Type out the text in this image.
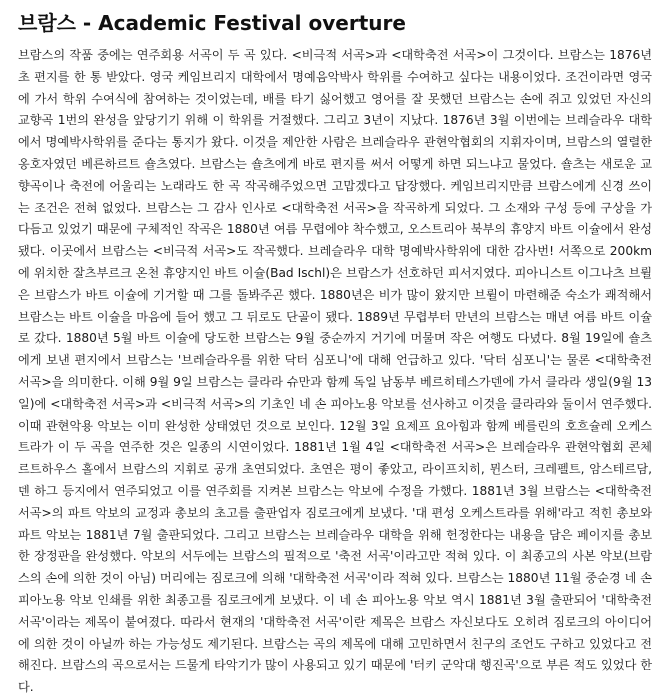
브람스 - Academic Festival overture

브람스의 작품 중에는 연주회용 서곡이 두 곡 있다. <비극적 서곡>과 <대학축전 서곡>이 그것이다. 브람스는 1876년 초 편지를 한 통 받았다. 영국 케임브리지 대학에서 명예음악박사 학위를 수여하고 싶다는 내용이었다. 조건이라면 영국에 가서 학위 수여식에 참여하는 것이었는데, 배를 타기 싫어했고 영어를 잘 못했던 브람스는 손에 쥐고 있었던 자신의 교향곡 1번의 완성을 앞당기기 위해 이 학위를 거절했다. 그리고 3년이 지났다. 1876년 3월 이번에는 브레슬라우 대학에서 명예박사학위를 준다는 통지가 왔다. 이것을 제안한 사람은 브레슬라우 관현악협회의 지휘자이며, 브람스의 열렬한 옹호자였던 베른하르트 숄츠였다. 브람스는 숄츠에게 바로 편지를 써서 어떻게 하면 되느냐고 물었다. 숄츠는 새로운 교향곡이나 축전에 어울리는 노래라도 한 곡 작곡해주었으면 고맙겠다고 답장했다. 케임브리지만큼 브람스에게 신경 쓰이는 조건은 전혀 없었다. 브람스는 그 감사 인사로 <대학축전 서곡>을 작곡하게 되었다. 그 소재와 구성 등에 구상을 가다듬고 있었기 때문에 구체적인 작곡은 1880년 여름 무렵에야 착수했고, 오스트리아 북부의 휴양지 바트 이슐에서 완성됐다. 이곳에서 브람스는 <비극적 서곡>도 작곡했다. 브레슬라우 대학 명예박사학위에 대한 감사번! 서쪽으로 200km에 위치한 잘츠부르크 온천 휴양지인 바트 이슐(Bad Ischl)은 브람스가 선호하던 피서지였다. 피아니스트 이그나츠 브륄은 브람스가 바트 이슐에 기거할 때 그를 돌봐주곤 했다. 1880년은 비가 많이 왔지만 브륄이 마련해준 숙소가 쾌적해서 브람스는 바트 이슐을 마음에 들어 했고 그 뒤로도 단골이 됐다. 1889년 무렵부터 만년의 브람스는 매년 여름 바트 이슐로 갔다. 1880년 5월 바트 이슐에 당도한 브람스는 9월 중순까지 거기에 머물며 작은 여행도 다녔다. 8월 19일에 숄츠에게 보낸 편지에서 브람스는 '브레슬라우를 위한 닥터 심포니'에 대해 언급하고 있다. '닥터 심포니'는 물론 <대학축전 서곡>을 의미한다. 이해 9월 9일 브람스는 클라라 슈만과 함께 독일 남동부 베르히테스가덴에 가서 클라라 생일(9월 13일)에 <대학축전 서곡>과 <비극적 서곡>의 기초인 네 손 피아노용 악보를 선사하고 이것을 클라라와 둘이서 연주했다. 이때 관현악용 악보는 이미 완성한 상태였던 것으로 보인다. 12월 3일 요제프 요아힘과 함께 베를린의 호흐슐레 오케스트라가 이 두 곡을 연주한 것은 일종의 시연이었다. 1881년 1월 4일 <대학축전 서곡>은 브레슬라우 관현악협회 콘체르트하우스 홀에서 브람스의 지휘로 공개 초연되었다. 초연은 평이 좋았고, 라이프치히, 뮌스터, 크레펠트, 암스테르담, 덴 하그 등지에서 연주되었고 이를 연주회를 지켜본 브람스는 악보에 수정을 가했다. 1881년 3월 브람스는 <대학축전 서곡>의 파트 악보의 교정과 총보의 초고를 출판업자 짐로크에게 보냈다. '대 편성 오케스트라를 위해'라고 적힌 총보와 파트 악보는 1881년 7월 출판되었다. 그리고 브람스는 브레슬라우 대학을 위해 헌정한다는 내용을 담은 페이지를 총보한 장정판을 완성했다. 악보의 서두에는 브람스의 필적으로 '축전 서곡'이라고만 적혀 있다. 이 최종고의 사본 악보(브람스의 손에 의한 것이 아님) 머리에는 짐로크에 의해 '대학축전 서곡'이라 적혀 있다. 브람스는 1880년 11월 중순경 네 손 피아노용 악보 인쇄를 위한 최종고를 짐로크에게 보냈다. 이 네 손 피아노용 악보 역시 1881년 3월 출판되어 '대학축전 서곡'이라는 제목이 붙여졌다. 따라서 현재의 '대학축전 서곡'이란 제목은 브람스 자신보다도 오히려 짐로크의 아이디어에 의한 것이 아닐까 하는 가능성도 제기된다. 브람스는 곡의 제목에 대해 고민하면서 친구의 조언도 구하고 있었다고 전해진다. 브람스의 곡으로서는 드물게 타악기가 많이 사용되고 있기 때문에 '터키 군악대 행진곡'으로 부른 적도 있었다 한다.
